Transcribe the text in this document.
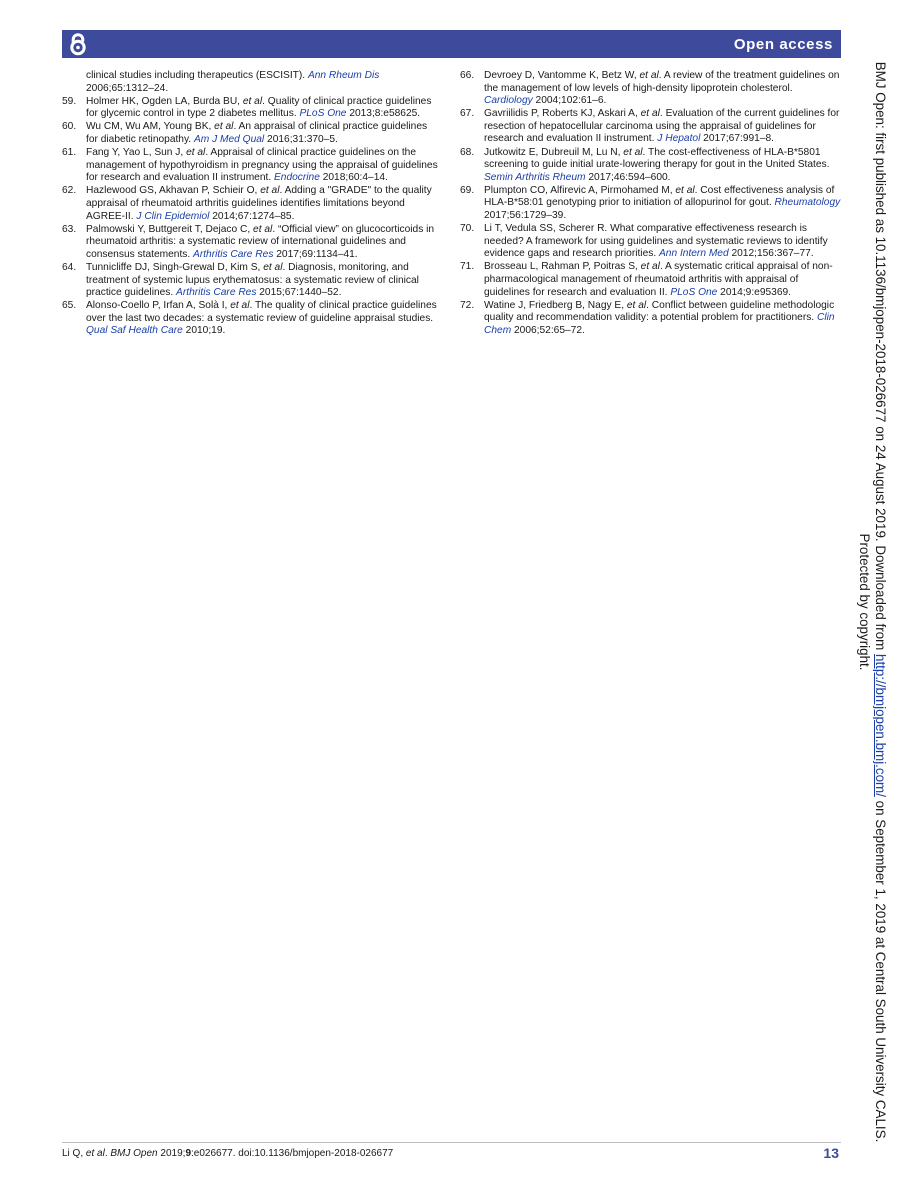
Open access
clinical studies including therapeutics (ESCISIT). Ann Rheum Dis 2006;65:1312–24.
59. Holmer HK, Ogden LA, Burda BU, et al. Quality of clinical practice guidelines for glycemic control in type 2 diabetes mellitus. PLoS One 2013;8:e58625.
60. Wu CM, Wu AM, Young BK, et al. An appraisal of clinical practice guidelines for diabetic retinopathy. Am J Med Qual 2016;31:370–5.
61. Fang Y, Yao L, Sun J, et al. Appraisal of clinical practice guidelines on the management of hypothyroidism in pregnancy using the appraisal of guidelines for research and evaluation II instrument. Endocrine 2018;60:4–14.
62. Hazlewood GS, Akhavan P, Schieir O, et al. Adding a "GRADE" to the quality appraisal of rheumatoid arthritis guidelines identifies limitations beyond AGREE-II. J Clin Epidemiol 2014;67:1274–85.
63. Palmowski Y, Buttgereit T, Dejaco C, et al. “Official view” on glucocorticoids in rheumatoid arthritis: a systematic review of international guidelines and consensus statements. Arthritis Care Res 2017;69:1134–41.
64. Tunnicliffe DJ, Singh-Grewal D, Kim S, et al. Diagnosis, monitoring, and treatment of systemic lupus erythematosus: a systematic review of clinical practice guidelines. Arthritis Care Res 2015;67:1440–52.
65. Alonso-Coello P, Irfan A, Solà I, et al. The quality of clinical practice guidelines over the last two decades: a systematic review of guideline appraisal studies. Qual Saf Health Care 2010;19.
66. Devroey D, Vantomme K, Betz W, et al. A review of the treatment guidelines on the management of low levels of high-density lipoprotein cholesterol. Cardiology 2004;102:61–6.
67. Gavriilidis P, Roberts KJ, Askari A, et al. Evaluation of the current guidelines for resection of hepatocellular carcinoma using the appraisal of guidelines for research and evaluation II instrument. J Hepatol 2017;67:991–8.
68. Jutkowitz E, Dubreuil M, Lu N, et al. The cost-effectiveness of HLA-B*5801 screening to guide initial urate-lowering therapy for gout in the United States. Semin Arthritis Rheum 2017;46:594–600.
69. Plumpton CO, Alfirevic A, Pirmohamed M, et al. Cost effectiveness analysis of HLA-B*58:01 genotyping prior to initiation of allopurinol for gout. Rheumatology 2017;56:1729–39.
70. Li T, Vedula SS, Scherer R. What comparative effectiveness research is needed? A framework for using guidelines and systematic reviews to identify evidence gaps and research priorities. Ann Intern Med 2012;156:367–77.
71. Brosseau L, Rahman P, Poitras S, et al. A systematic critical appraisal of non-pharmacological management of rheumatoid arthritis with appraisal of guidelines for research and evaluation II. PLoS One 2014;9:e95369.
72. Watine J, Friedberg B, Nagy E, et al. Conflict between guideline methodologic quality and recommendation validity: a potential problem for practitioners. Clin Chem 2006;52:65–72.
Li Q, et al. BMJ Open 2019;9:e026677. doi:10.1136/bmjopen-2018-026677	13
BMJ Open: first published as 10.1136/bmjopen-2018-026677 on 24 August 2019. Downloaded from http://bmjopen.bmj.com/ on September 1, 2019 at Central South University CALIS.
Protected by copyright.
